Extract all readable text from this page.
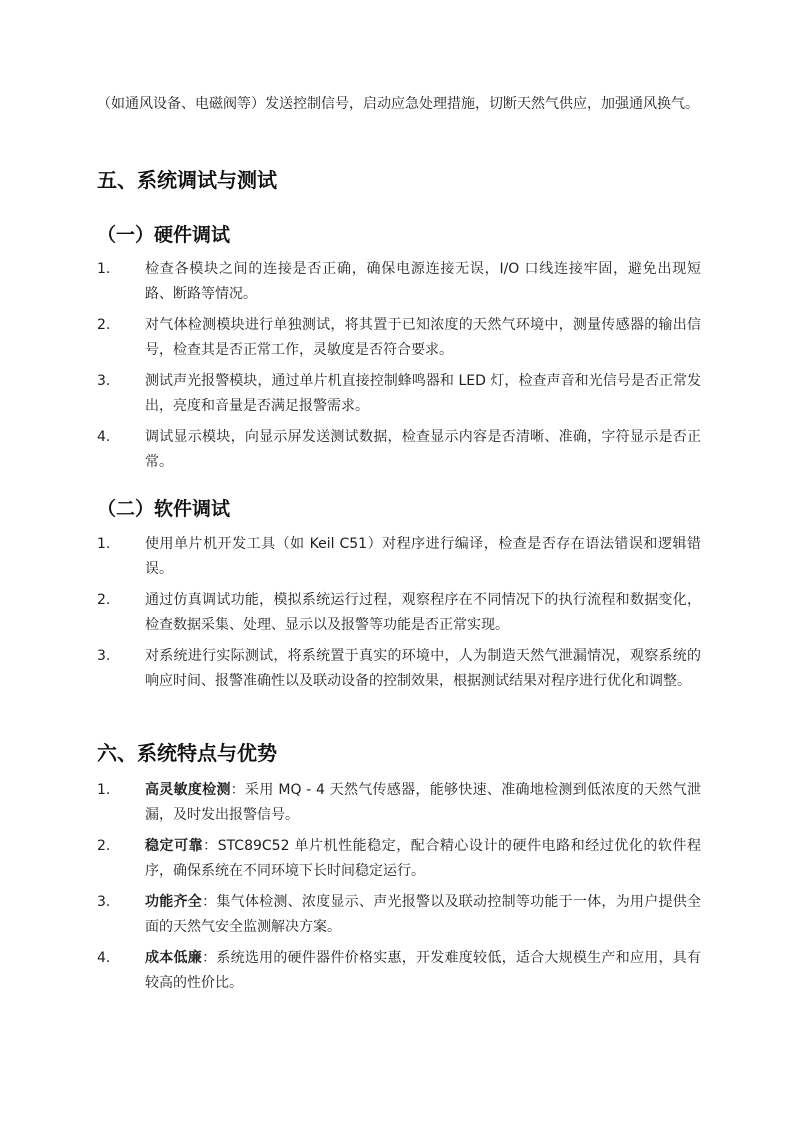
（如通风设备、电磁阀等）发送控制信号，启动应急处理措施，切断天然气供应，加强通风换气。

五、系统调试与测试
（一）硬件调试
1.	检查各模块之间的连接是否正确，确保电源连接无误，I/O 口线连接牢固，避免出现短路、断路等情况。
2.	对气体检测模块进行单独测试，将其置于已知浓度的天然气环境中，测量传感器的输出信号，检查其是否正常工作，灵敏度是否符合要求。
3.	测试声光报警模块，通过单片机直接控制蜂鸣器和 LED 灯，检查声音和光信号是否正常发出，亮度和音量是否满足报警需求。
4.	调试显示模块，向显示屏发送测试数据，检查显示内容是否清晰、准确，字符显示是否正常。
（二）软件调试
1.	使用单片机开发工具（如 Keil C51）对程序进行编译，检查是否存在语法错误和逻辑错误。
2.	通过仿真调试功能，模拟系统运行过程，观察程序在不同情况下的执行流程和数据变化，检查数据采集、处理、显示以及报警等功能是否正常实现。
3.	对系统进行实际测试，将系统置于真实的环境中，人为制造天然气泄漏情况，观察系统的响应时间、报警准确性以及联动设备的控制效果，根据测试结果对程序进行优化和调整。
六、系统特点与优势
1.	高灵敏度检测：采用 MQ - 4 天然气传感器，能够快速、准确地检测到低浓度的天然气泄漏，及时发出报警信号。
2.	稳定可靠：STC89C52 单片机性能稳定，配合精心设计的硬件电路和经过优化的软件程序，确保系统在不同环境下长时间稳定运行。
3.	功能齐全：集气体检测、浓度显示、声光报警以及联动控制等功能于一体，为用户提供全面的天然气安全监测解决方案。
4.	成本低廉：系统选用的硬件器件价格实惠，开发难度较低，适合大规模生产和应用，具有较高的性价比。
